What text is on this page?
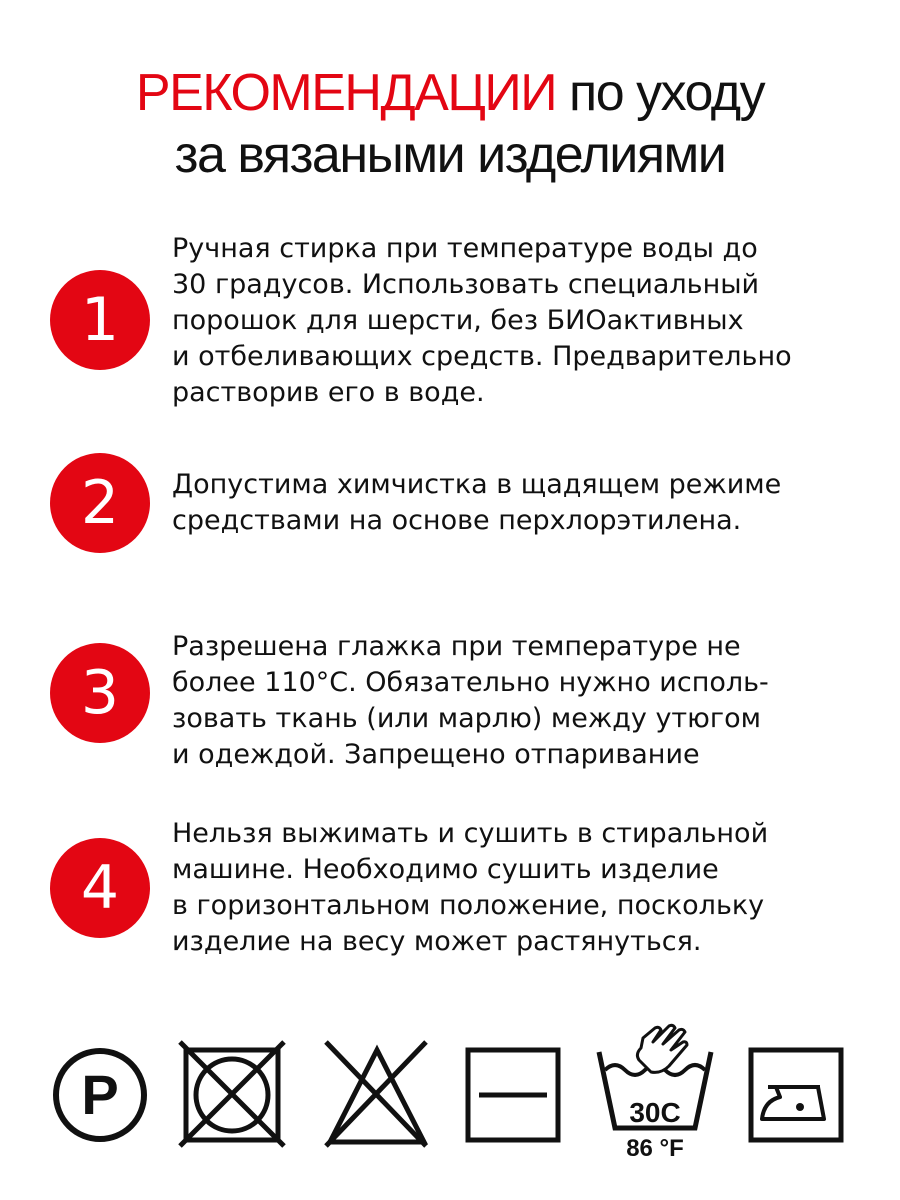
РЕКОМЕНДАЦИИ по уходу
за вязаными изделиями
1
Ручная стирка при температуре воды до
30 градусов. Использовать специальный
порошок для шерсти, без БИОактивных
и отбеливающих средств. Предварительно
растворив его в воде.
2	Допустима химчистка в щадящем режиме
средствами на основе перхлорэтилена.
3
Разрешена глажка при температуре не
более 110°С. Обязательно нужно исполь-
зовать ткань (или марлю) между утюгом
и одеждой. Запрещено отпаривание
4
Нельзя выжимать и сушить в стиральной
машине. Необходимо сушить изделие
в горизонтальном положение, поскольку
изделие на весу может растянуться.
P	30С
86 °F
